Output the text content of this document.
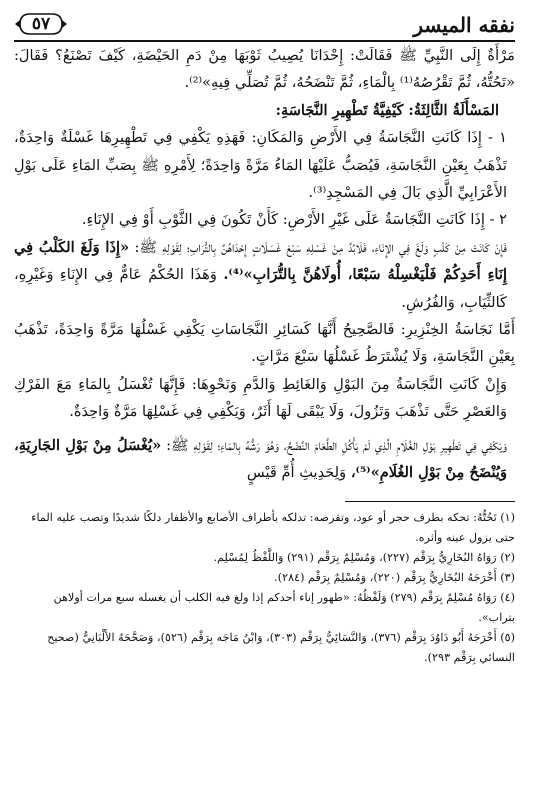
نفقه الميسر
٥٧

مَرْأَةٌ إِلَى النَّبِيِّ ﷺ فَقَالَتْ: إِحْدَانَا يُصِيبُ ثَوْبَهَا مِنْ دَمِ الحَيْضَةِ، كَيْفَ تَصْنَعُ؟ فَقَالَ: «تَحُتُّهُ، ثُمَّ تَقْرُصُهُ⁽¹⁾ بِالْمَاءِ، ثُمَّ تَنْضَحُهُ، ثُمَّ تُصَلِّي فِيهِ»⁽²⁾.

المَسْأَلَةُ الثَّالِثَةُ: كَيْفِيَّةُ تَطْهِيرِ النَّجَاسَةِ:

١ - إِذَا كَانَتِ النَّجَاسَةُ فِي الأَرْضِ وَالمَكَانِ: فَهَذِهِ يَكْفِي فِي تَطْهِيرِهَا غَسْلَةٌ وَاحِدَةٌ، تَذْهَبُ بِعَيْنِ النَّجَاسَةِ، فَيُصَبُّ عَلَيْهَا المَاءُ مَرَّةً وَاحِدَةً؛ لِأَمْرِهِ ﷺ بِصَبِّ المَاءِ عَلَى بَوْلِ الأَعْرَابِيِّ الَّذِي بَالَ فِي المَسْجِدِ⁽³⁾.

٢ - إِذَا كَانَتِ النَّجَاسَةُ عَلَى غَيْرِ الأَرْضِ: كَأَنْ تَكُونَ فِي الثَّوْبِ أَوْ فِي الإِنَاءِ.

فَإِنْ كَانَتْ مِنْ كَلْبٍ وَلَغَ فِي الإِنَاءِ، فَلَابُدَّ مِنْ غَسْلِهِ سَبْعَ غَسَلَاتٍ إِحْدَاهُنَّ بِالتُّرَابِ؛ لِقَوْلِهِ ﷺ: «إِذَا وَلَغَ الكَلْبُ فِي إِنَاءِ أَحَدِكُمْ فَلْيَغْسِلْهُ سَبْعًا، أُولَاهُنَّ بِالتُّرَابِ»⁽⁴⁾. وَهَذَا الحُكْمُ عَامٌّ فِي الإِنَاءِ وَغَيْرِهِ، كَالثِّيَابِ، وَالفُرُشِ.

أَمَّا نَجَاسَةُ الخِنْزِيرِ: فَالصَّحِيحُ أَنَّهَا كَسَائِرِ النَّجَاسَاتِ يَكْفِي غَسْلُهَا مَرَّةً وَاحِدَةً، تَذْهَبُ بِعَيْنِ النَّجَاسَةِ، وَلَا يُشْتَرَطُ غَسْلُهَا سَبْعَ مَرَّاتٍ.

وَإِنْ كَانَتِ النَّجَاسَةُ مِنَ البَوْلِ وَالغَائِطِ وَالدَّمِ وَنَحْوِهَا: فَإِنَّهَا تُغْسَلُ بِالمَاءِ مَعَ الفَرْكِ وَالعَصْرِ حَتَّى تَذْهَبَ وَتَزُولَ، وَلَا يَبْقَى لَهَا أَثَرٌ، وَيَكْفِي فِي غَسْلِهَا مَرَّةٌ وَاحِدَةٌ.

وَيَكْفِي فِي تَطْهِيرِ بَوْلِ الغُلَامِ الَّذِي لَمْ يَأْكُلِ الطَّعَامَ النَّضْحُ، وَهُوَ رَشُّهُ بِالمَاءِ؛ لِقَوْلِهِ ﷺ: «يُغْسَلُ مِنْ بَوْلِ الجَارِيَةِ، وَيُنْضَحُ مِنْ بَوْلِ الغُلَامِ»⁽⁵⁾، وَلِحَدِيثِ أُمِّ قَيْسٍ

(١) تَحُتُّهُ: تحكه بطرف حجر أو عود، وتقرصه: تدلكه بأطراف الأصابع والأظفار دلكًا شديدًا وتصب عليه الماء حتى يزول عينه وأثره.

(٢) رَوَاهُ البُخَارِيُّ بِرَقْم (٢٢٧)، وَمُسْلِمٌ بِرَقْم (٢٩١) وَاللَّفْظُ لِمُسْلِم.

(٣) أَخْرَجَهُ البُخَارِيُّ بِرَقْم (٢٢٠)، وَمُسْلِمٌ بِرَقْم (٢٨٤).

(٤) رَوَاهُ مُسْلِمٌ بِرَقْم (٢٧٩) وَلَفْظُهُ: «طهور إناء أحدكم إذا ولغ فيه الكلب أن يغسله سبع مرات أولاهن بتراب».

(٥) أَخْرَجَهُ أَبُو دَاوُدَ بِرَقْم (٣٧٦)، وَالنَّسَائِيُّ بِرَقْم (٣٠٣)، وَابْنُ مَاجَه بِرَقْم (٥٢٦)، وَصَحَّحَهُ الأَلْبَانِيُّ (صحيح النسائي بِرَقْم ٢٩٣).
